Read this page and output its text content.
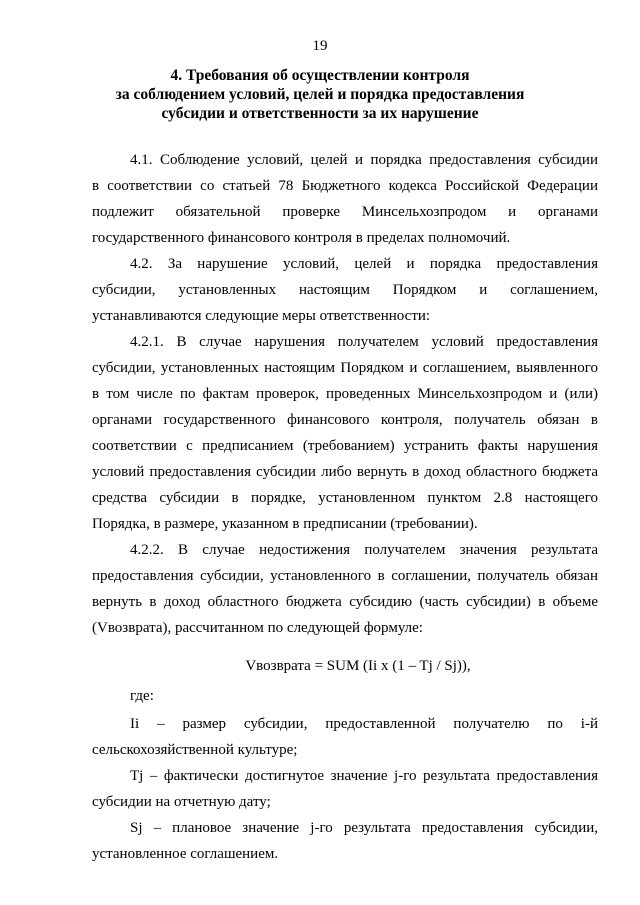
19
4. Требования об осуществлении контроля
за соблюдением условий, целей и порядка предоставления
субсидии и ответственности за их нарушение
4.1. Соблюдение условий, целей и порядка предоставления субсидии
в соответствии со статьей 78 Бюджетного кодекса Российской Федерации
подлежит обязательной проверке Минсельхозпродом и органами
государственного финансового контроля в пределах полномочий.
4.2. За нарушение условий, целей и порядка предоставления
субсидии, установленных настоящим Порядком и соглашением,
устанавливаются следующие меры ответственности:
4.2.1. В случае нарушения получателем условий предоставления
субсидии, установленных настоящим Порядком и соглашением, выявленного
в том числе по фактам проверок, проведенных Минсельхозпродом и (или)
органами государственного финансового контроля, получатель обязан в
соответствии с предписанием (требованием) устранить факты нарушения
условий предоставления субсидии либо вернуть в доход областного бюджета
средства субсидии в порядке, установленном пунктом 2.8 настоящего
Порядка, в размере, указанном в предписании (требовании).
4.2.2. В случае недостижения получателем значения результата
предоставления субсидии, установленного в соглашении, получатель обязан
вернуть в доход областного бюджета субсидию (часть субсидии) в объеме
(Vвозврата), рассчитанном по следующей формуле:
Vвозврата = SUM (Ii x (1 – Tj / Sj)),
где:
Ii – размер субсидии, предоставленной получателю по i-й
сельскохозяйственной культуре;
Tj – фактически достигнутое значение j-го результата предоставления
субсидии на отчетную дату;
Sj – плановое значение j-го результата предоставления субсидии,
установленное соглашением.
